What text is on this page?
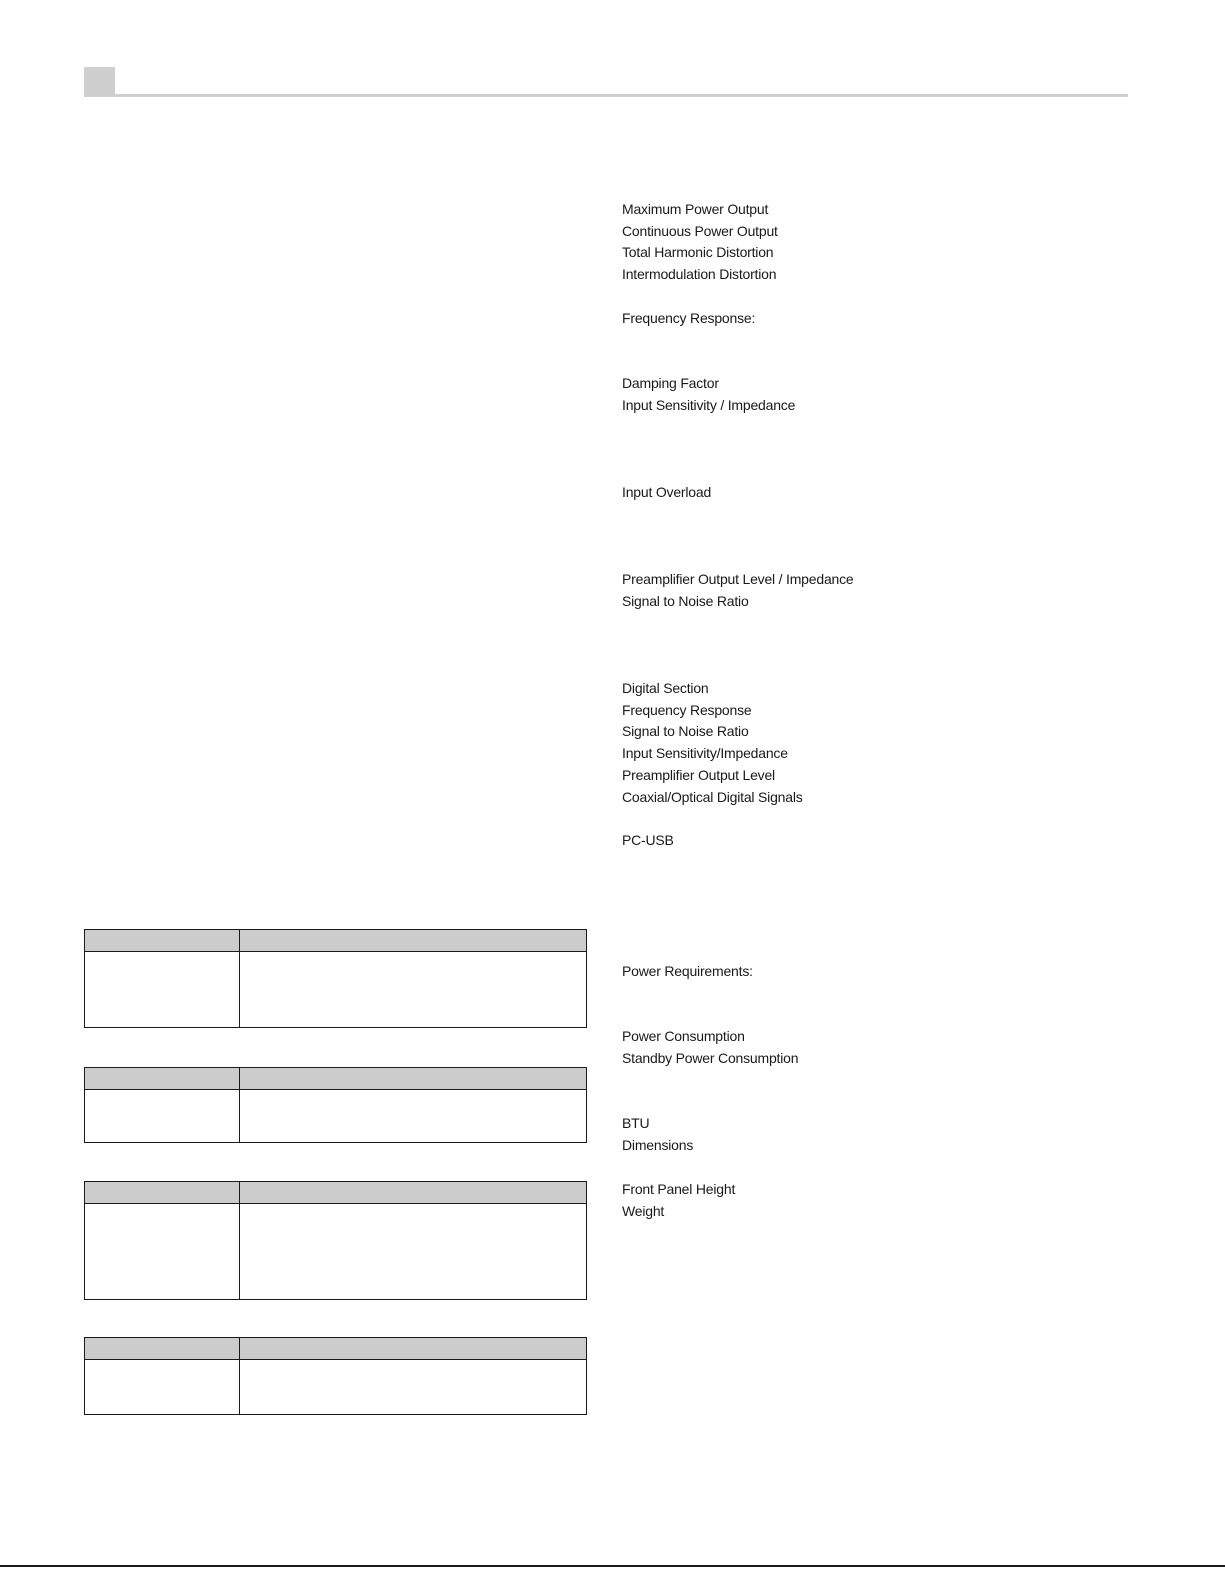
Maximum Power Output
Continuous Power Output
Total Harmonic Distortion
Intermodulation Distortion
Frequency Response:
Damping Factor
Input Sensitivity / Impedance
Input Overload
Preamplifier Output Level / Impedance
Signal to Noise Ratio
Digital Section
Frequency Response
Signal to Noise Ratio
Input Sensitivity/Impedance
Preamplifier Output Level
Coaxial/Optical Digital Signals
PC-USB
Power Requirements:
Power Consumption
Standby Power Consumption
BTU
Dimensions
Front Panel Height
Weight
